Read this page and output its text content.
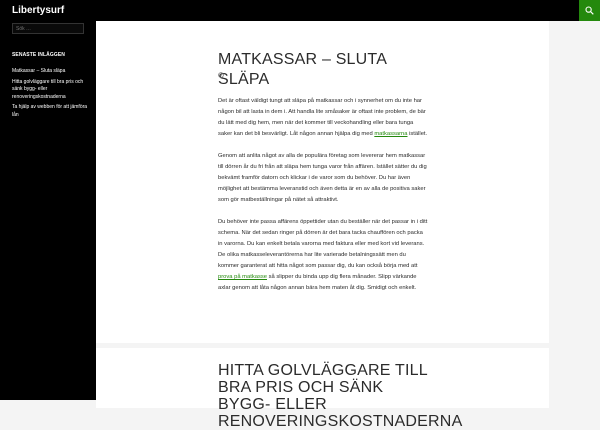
Libertysurf
Sök …
SENASTE INLÄGGEN
Matkassar – Sluta släpa
Hitta golvläggare till bra pris och sänk bygg- eller renoveringskostnaderna
Ta hjälp av webben för att jämföra lån
MATKASSAR – SLUTA SLÄPA

Det är oftast väldigt tungt att släpa på matkassar och i synnerhet om du inte har någon bil att lasta in dem i. Att handla lite småsaker är oftast inte problem, de bär du lätt med dig hem, men när det kommer till veckohandling eller bara tunga saker kan det bli besvärligt. Låt någon annan hjälpa dig med matkassarna istället.

Genom att anlita något av alla de populära företag som levererar hem matkassar till dörren år du fri från att släpa hem tunga varor från affären. Istället sätter du dig bekvämt framför datorn och klickar i de varor som du behöver. Du har även möjlighet att bestämma leveranstid och även detta är en av alla de positiva saker som gör matbeställningar på nätet så attraktivt.

Du behöver inte passa affärens öppettider utan du beställer när det passar in i ditt schema. När det sedan ringer på dörren är det bara tacka chauffören och packa in varorna. Du kan enkelt betala varorna med faktura eller med kort vid leverans. De olika matkasseleverantörerna har lite varierade betalningssätt men du kommer garanterat att hitta något som passar dig, du kan också börja med att prova på matkasse så slipper du binda upp dig flera månader. Slipp värkande axlar genom att låta någon annan bära hem maten åt dig. Smidigt och enkelt.

HITTA GOLVLÄGGARE TILL BRA PRIS OCH SÄNK BYGG- ELLER RENOVERINGSKOSTNADERNA
